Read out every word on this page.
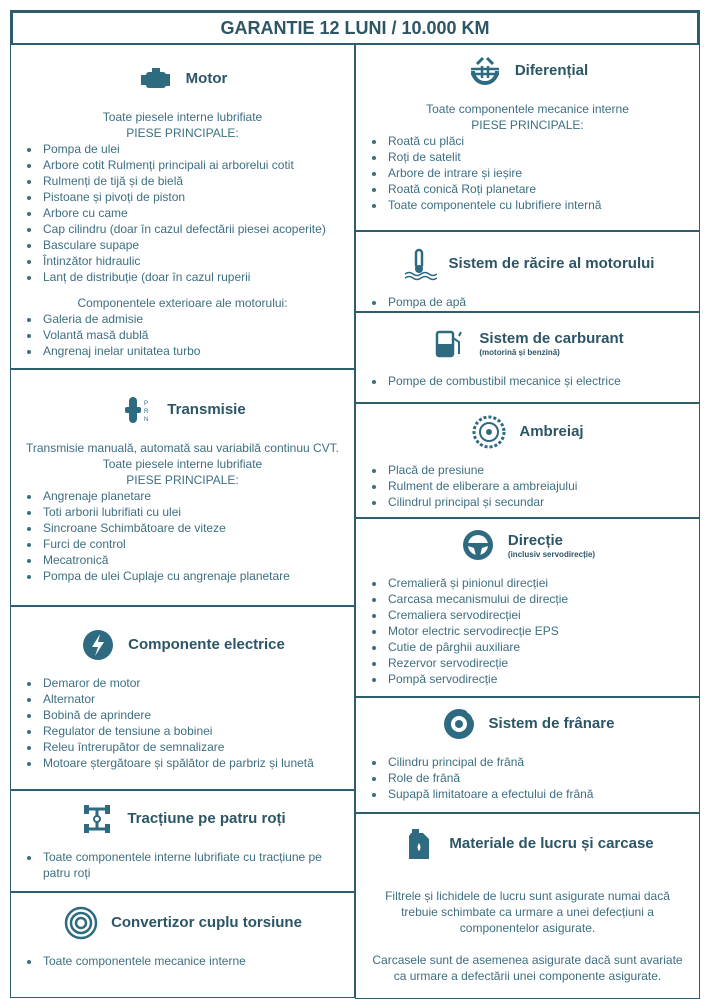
GARANTIE 12 LUNI / 10.000 KM
Motor
Toate piesele interne lubrifiate
PIESE PRINCIPALE:
• Pompa de ulei
• Arbore cotit Rulmenți principali ai arborelui cotit
• Rulmenți de tijă și de bielă
• Pistoane și pivoți de piston
• Arbore cu came
• Cap cilindru (doar în cazul defectării piesei acoperite)
• Basculare supape
• Întinzător hidraulic
• Lanț de distribuție (doar în cazul ruperii
Componentele exterioare ale motorului:
• Galeria de admisie
• Volantă masă dublă
• Angrenaj inelar unitatea turbo
P
R
N
Transmisie
Transmisie manuală, automată sau variabilă continuu CVT.
Toate piesele interne lubrifiate
PIESE PRINCIPALE:
• Angrenaje planetare
• Toti arborii lubrifiati cu ulei
• Sincroane Schimbătoare de viteze
• Furci de control
• Mecatronică
• Pompa de ulei Cuplaje cu angrenaje planetare
Componente electrice
• Demaror de motor
• Alternator
• Bobină de aprindere
• Regulator de tensiune a bobinei
• Releu întrerupător de semnalizare
• Motoare ștergătoare și spălător de parbriz și lunetă
Tracțiune pe patru roți
• Toate componentele interne lubrifiate cu tracțiune pe patru roți
Convertizor cuplu torsiune
• Toate componentele mecanice interne
Diferențial
Toate componentele mecanice interne
PIESE PRINCIPALE:
• Roată cu plăci
• Roți de satelit
• Arbore de intrare și ieșire
• Roată conică Roți planetare
• Toate componentele cu lubrifiere internă
Sistem de răcire al motorului
• Pompa de apă
Sistem de carburant
(motorină și benzină)
• Pompe de combustibil mecanice și electrice
Ambreiaj
• Placă de presiune
• Rulment de eliberare a ambreiajului
• Cilindrul principal și secundar
Direcție
(inclusiv servodirecție)
• Cremalieră și pinionul direcției
• Carcasa mecanismului de direcție
• Cremaliera servodirecției
• Motor electric servodirecție EPS
• Cutie de pârghii auxiliare
• Rezervor servodirecție
• Pompă servodirecție
Sistem de frânare
• Cilindru principal de frână
• Role de frână
• Supapă limitatoare a efectului de frână
Materiale de lucru și carcase
Filtrele și lichidele de lucru sunt asigurate numai dacă trebuie schimbate ca urmare a unei defecțiuni a componentelor asigurate.
Carcasele sunt de asemenea asigurate dacă sunt avariate ca urmare a defectării unei componente asigurate.
